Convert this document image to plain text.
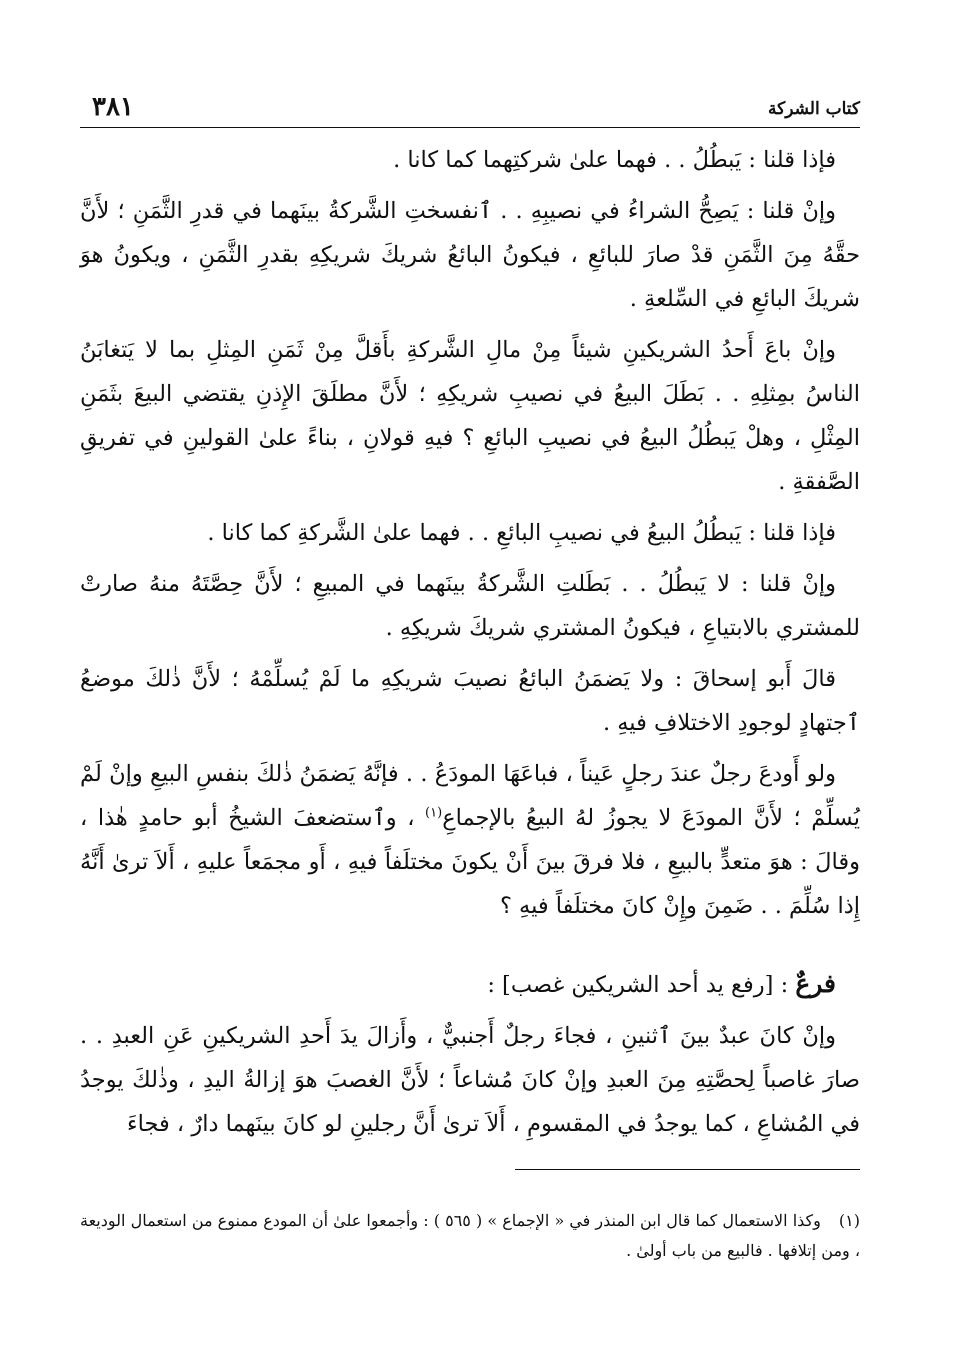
كتاب الشركة
٣٨١

فإذا قلنا : يَبطُلُ . . فهما علىٰ شركتِهما كما كانا .

وإنْ قلنا : يَصِحُّ الشراءُ في نصيبِهِ . . ٱنفسختِ الشَّركةُ بينَهما في قدرِ الثَّمَنِ ؛ لأَنَّ حقَّهُ مِنَ الثَّمَنِ قدْ صارَ للبائعِ ، فيكونُ البائعُ شريكَ شريكِهِ بقدرِ الثَّمَنِ ، ويكونُ هوَ شريكَ البائعِ في السِّلعةِ .

وإنْ باعَ أَحدُ الشريكينِ شيئاً مِنْ مالِ الشَّركةِ بأَقلَّ مِنْ ثَمَنِ المِثلِ بما لا يَتغابَنُ الناسُ بمِثلِهِ . . بَطَلَ البيعُ في نصيبِ شريكِهِ ؛ لأَنَّ مطلَقَ الإِذنِ يقتضي البيعَ بثَمَنِ المِثْلِ ، وهلْ يَبطُلُ البيعُ في نصيبِ البائعِ ؟ فيهِ قولانِ ، بناءً علىٰ القولينِ في تفريقِ الصَّفقةِ .

فإذا قلنا : يَبطُلُ البيعُ في نصيبِ البائعِ . . فهما علىٰ الشَّركةِ كما كانا .

وإنْ قلنا : لا يَبطُلُ . . بَطَلتِ الشَّركةُ بينَهما في المبيعِ ؛ لأَنَّ حِصَّتَهُ منهُ صارتْ للمشتري بالابتياعِ ، فيكونُ المشتري شريكَ شريكِهِ .

قالَ أَبو إسحاقَ : ولا يَضمَنُ البائعُ نصيبَ شريكِهِ ما لَمْ يُسلِّمْهُ ؛ لأَنَّ ذٰلكَ موضعُ ٱجتهادٍ لوجودِ الاختلافِ فيهِ .

ولو أَودعَ رجلٌ عندَ رجلٍ عَيناً ، فباعَهَا المودَعُ . . فإنَّهُ يَضمَنُ ذٰلكَ بنفسِ البيعِ وإنْ لَمْ يُسلِّمْ ؛ لأَنَّ المودَعَ لا يجوزُ لهُ البيعُ بالإجماعِ$^{(١)}$ ، وٱستضعفَ الشيخُ أبو حامدٍ هٰذا ، وقالَ : هوَ متعدٍّ بالبيعِ ، فلا فرقَ بينَ أَنْ يكونَ مختلَفاً فيهِ ، أَو مجمَعاً عليهِ ، أَلاَ ترىٰ أَنَّهُ إِذا سُلِّمَ . . ضَمِنَ وإِنْ كانَ مختلَفاً فيهِ ؟

فرعٌ : [رفع يد أحد الشريكين غصب] :

وإنْ كانَ عبدٌ بينَ ٱثنينِ ، فجاءَ رجلٌ أَجنبيٌّ ، وأَزالَ يدَ أَحدِ الشريكينِ عَنِ العبدِ . . صارَ غاصباً لِحصَّتِهِ مِنَ العبدِ وإنْ كانَ مُشاعاً ؛ لأَنَّ الغصبَ هوَ إزالةُ اليدِ ، وذٰلكَ يوجدُ في المُشاعِ ، كما يوجدُ في المقسومِ ، أَلاَ ترىٰ أَنَّ رجلينِ لو كانَ بينَهما دارٌ ، فجاءَ

(١) وكذا الاستعمال كما قال ابن المنذر في « الإجماع » ( ٥٦٥ ) : وأجمعوا علىٰ أن المودع ممنوع من استعمال الوديعة ، ومن إتلافها . فالبيع من باب أولىٰ .
